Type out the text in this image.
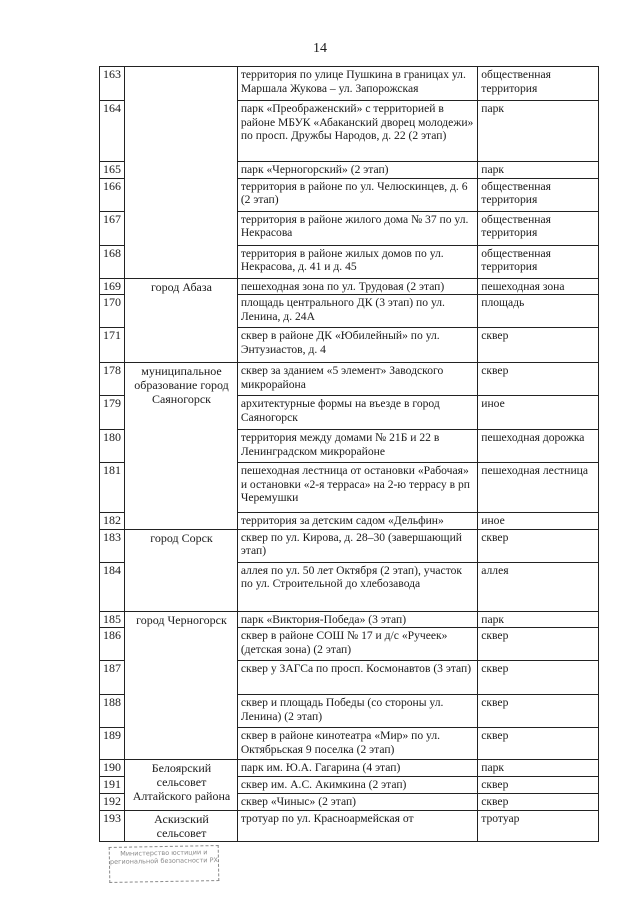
14
163		территория по улице Пушкина в границах ул. Маршала Жукова – ул. Запорожская	общественная территория
164		парк «Преображенский» с территорией в районе МБУК «Абаканский дворец молодежи» по просп. Дружбы Народов, д. 22 (2 этап)	парк
165		парк «Черногорский» (2 этап)	парк
166		территория в районе по ул. Челюскинцев, д. 6 (2 этап)	общественная территория
167		территория в районе жилого дома № 37 по ул. Некрасова	общественная территория
168		территория в районе жилых домов по ул. Некрасова, д. 41 и д. 45	общественная территория
169	город Абаза	пешеходная зона по ул. Трудовая (2 этап)	пешеходная зона
170		площадь центрального ДК (3 этап) по ул. Ленина, д. 24А	площадь
171		сквер в районе ДК «Юбилейный» по ул. Энтузиастов, д. 4	сквер
178	муниципальное образование город Саяногорск	сквер за зданием «5 элемент» Заводского микрорайона	сквер
179		архитектурные формы на въезде в город Саяногорск	иное
180		территория между домами № 21Б и 22 в Ленинградском микрорайоне	пешеходная дорожка
181		пешеходная лестница от остановки «Рабочая» и остановки «2-я терраса» на 2-ю террасу в рп Черемушки	пешеходная лестница
182		территория за детским садом «Дельфин»	иное
183	город Сорск	сквер по ул. Кирова, д. 28–30 (завершающий этап)	сквер
184		аллея по ул. 50 лет Октября (2 этап), участок по ул. Строительной до хлебозавода	аллея
185	город Черногорск	парк «Виктория-Победа» (3 этап)	парк
186		сквер в районе СОШ № 17 и д/с «Ручеек» (детская зона) (2 этап)	сквер
187		сквер у ЗАГСа по просп. Космонавтов (3 этап)	сквер
188		сквер и площадь Победы (со стороны ул. Ленина) (2 этап)	сквер
189		сквер в районе кинотеатра «Мир» по ул. Октябрьская 9 поселка (2 этап)	сквер
190	Белоярский сельсовет Алтайского района	парк им. Ю.А. Гагарина (4 этап)	парк
191		сквер им. А.С. Акимкина (2 этап)	сквер
192		сквер «Чиныс» (2 этап)	сквер
193	Аскизский сельсовет	тротуар по ул. Красноармейская от	тротуар
Министерство юстиции и региональной безопасности РХ
